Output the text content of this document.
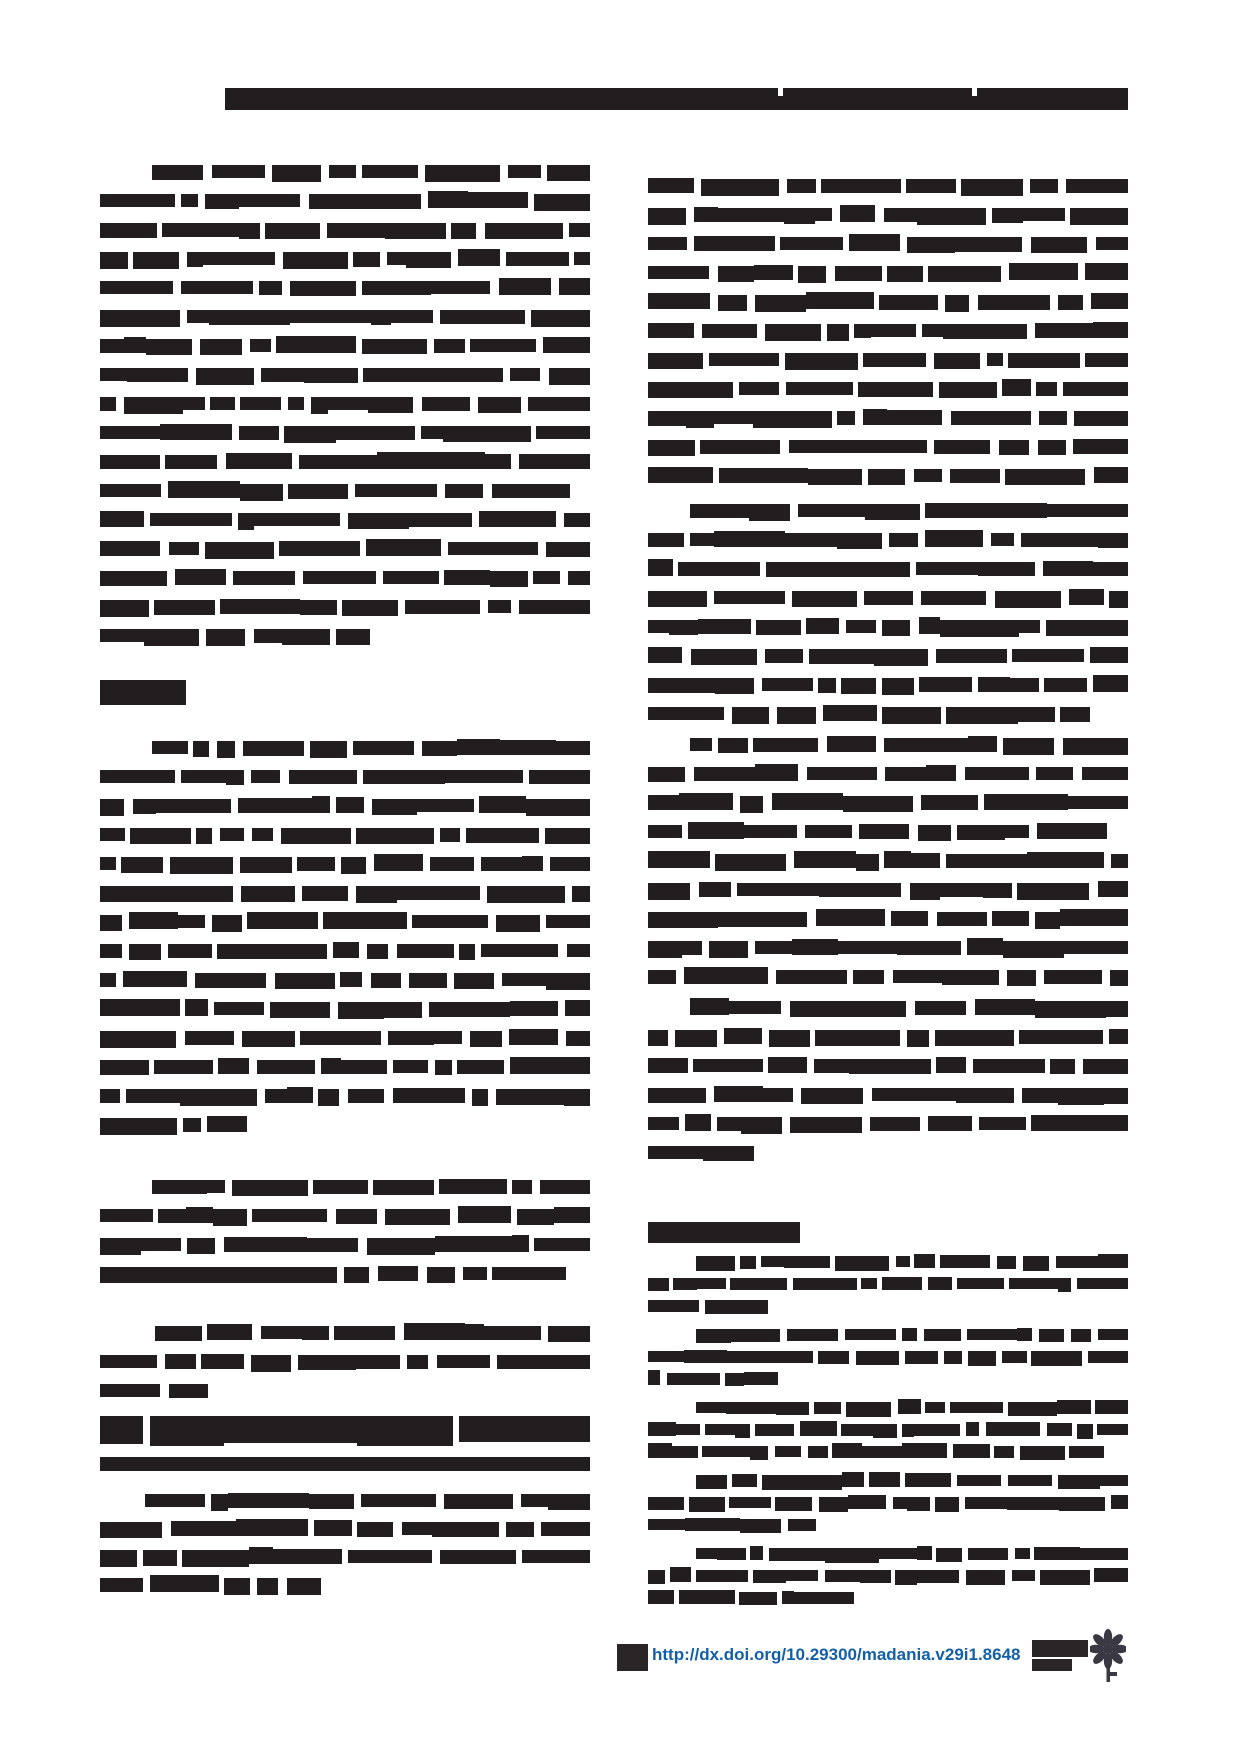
http://dx.doi.org/10.29300/madania.v29i1.8648
